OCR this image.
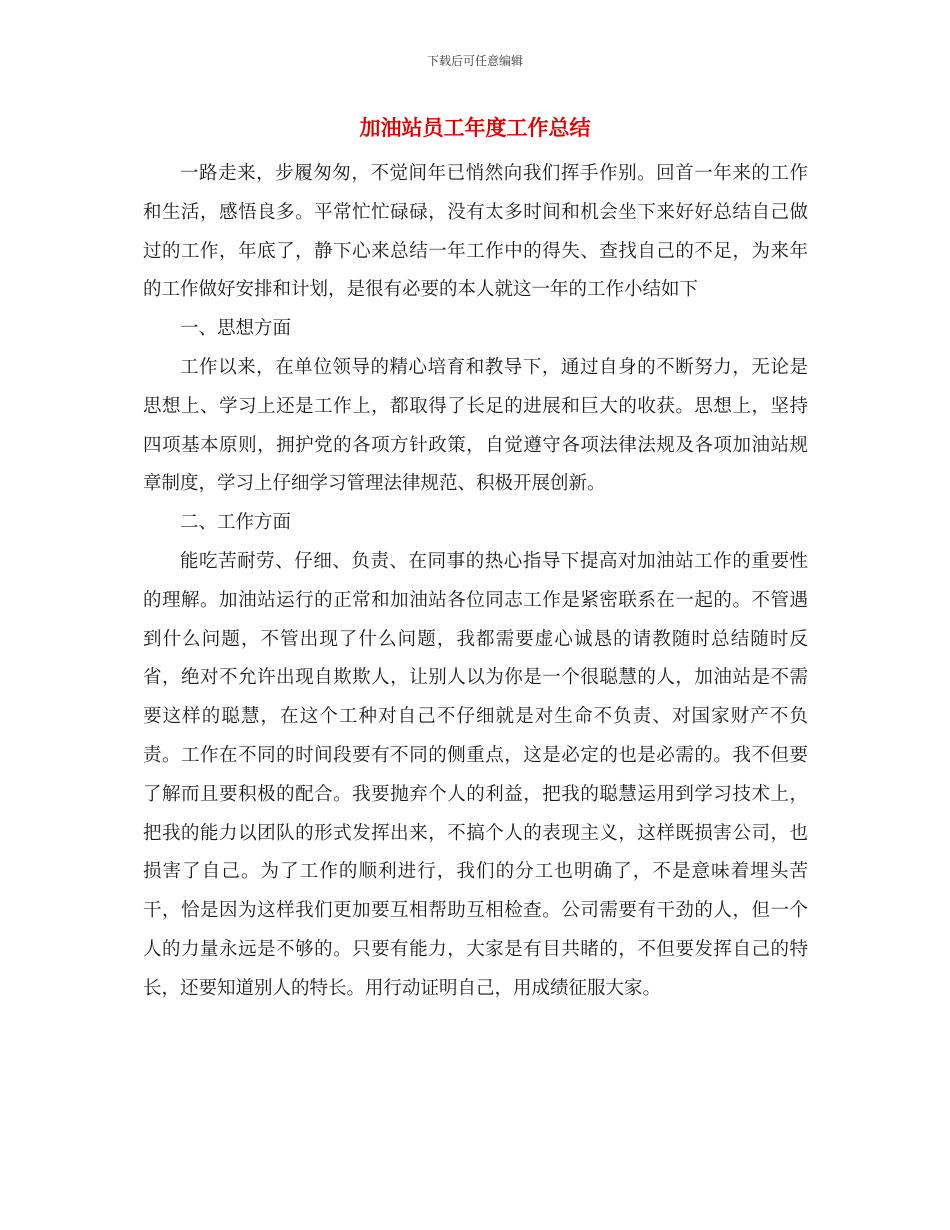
下载后可任意编辑
加油站员工年度工作总结

一路走来，步履匆匆，不觉间年已悄然向我们挥手作别。回首一年来的工作和生活，感悟良多。平常忙忙碌碌，没有太多时间和机会坐下来好好总结自己做过的工作，年底了，静下心来总结一年工作中的得失、查找自己的不足，为来年的工作做好安排和计划，是很有必要的本人就这一年的工作小结如下

一、思想方面

工作以来，在单位领导的精心培育和教导下，通过自身的不断努力，无论是思想上、学习上还是工作上，都取得了长足的进展和巨大的收获。思想上，坚持四项基本原则，拥护党的各项方针政策，自觉遵守各项法律法规及各项加油站规章制度，学习上仔细学习管理法律规范、积极开展创新。

二、工作方面

能吃苦耐劳、仔细、负责、在同事的热心指导下提高对加油站工作的重要性的理解。加油站运行的正常和加油站各位同志工作是紧密联系在一起的。不管遇到什么问题，不管出现了什么问题，我都需要虚心诚恳的请教随时总结随时反省，绝对不允许出现自欺欺人，让别人以为你是一个很聪慧的人，加油站是不需要这样的聪慧，在这个工种对自己不仔细就是对生命不负责、对国家财产不负责。工作在不同的时间段要有不同的侧重点，这是必定的也是必需的。我不但要了解而且要积极的配合。我要抛弃个人的利益，把我的聪慧运用到学习技术上，把我的能力以团队的形式发挥出来，不搞个人的表现主义，这样既损害公司，也损害了自己。为了工作的顺利进行，我们的分工也明确了，不是意味着埋头苦干，恰是因为这样我们更加要互相帮助互相检查。公司需要有干劲的人，但一个人的力量永远是不够的。只要有能力，大家是有目共睹的，不但要发挥自己的特长，还要知道别人的特长。用行动证明自己，用成绩征服大家。
